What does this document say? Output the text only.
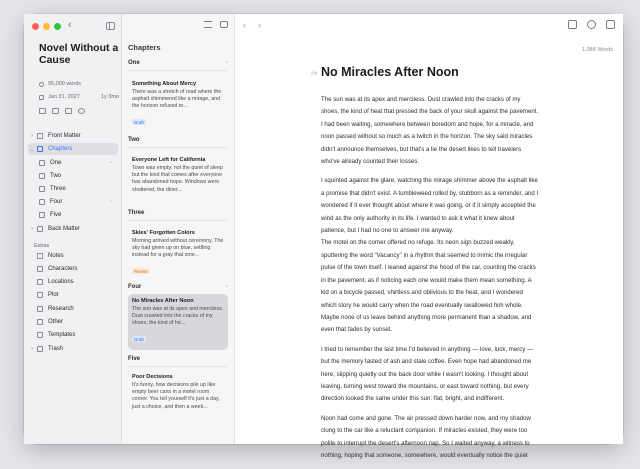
‹
Novel Without a Cause
95,000 words
Jan 31, 2027	1y 3mo
›	Front Matter
⌄ Chapters
One	◔
Two
Three
Four	◔
Five
›	Back Matter
Extras
Notes
Characters
Locations
Plot
Research
Other
Templates
›	Trash
Chapters
One	◔
Something About Mercy
There was a stretch of road where the asphalt shimmered like a mirage, and the horizon refused to...
Draft
Two
Everyone Left for California
Town was empty, not the quiet of sleep but the kind that comes after everyone has abandoned hope. Windows were shuttered, the diner...
Three
Skies' Forgotten Colors
Morning arrived without ceremony. The sky had given up on blue, settling instead for a gray that sme...
Revise
Four	◔
No Miracles After Noon
The sun was at its apex and merciless. Dust crawled into the cracks of my shoes, the kind of he...
Draft
Five
Poor Decisions
It's funny, how decisions pile up like empty beer cans in a motel room corner. You tell yourself it's just a day, just a choice, and then a week...
‹ ›
1,088 Words
## No Miracles After Noon

The sun was at its apex and merciless. Dust crawled into the cracks of my shoes, the kind of heat that pressed the back of your skull against the pavement. I had been waiting, somewhere between boredom and hope, for a miracle, and noon passed without so much as a twitch in the horizon. The sky said miracles didn't announce themselves, but that's a lie the desert likes to tell travelers who've already counted their losses.

I squinted against the glare, watching the mirage shimmer above the asphalt like a promise that didn't exist. A tumbleweed rolled by, stubborn as a reminder, and I wondered if it ever thought about where it was going, or if it simply accepted the wind as the only authority in its life. I wanted to ask it what it knew about patience, but I had no one to answer me anyway.

The motel on the corner offered no refuge. Its neon sign buzzed weakly, sputtering the word "Vacancy" in a rhythm that seemed to mimic the irregular pulse of the town itself. I leaned against the hood of the car, counting the cracks in the pavement, as if noticing each one would make them mean something. A kid on a bicycle passed, shirtless and oblivious to the heat, and I wondered which story he would carry when the road eventually swallowed him whole. Maybe none of us leave behind anything more permanent than a shadow, and even that fades by sunset.

I tried to remember the last time I'd believed in anything — love, luck, mercy — but the memory tasted of ash and stale coffee. Even hope had abandoned me here, slipping quietly out the back door while I wasn't looking. I thought about leaving, turning west toward the mountains, or east toward nothing, but every direction looked the same under this sun: flat, bright, and indifferent.

Noon had come and gone. The air pressed down harder now, and my shadow clung to the car like a reluctant companion. If miracles existed, they were too polite to interrupt the desert's afternoon nap. So I waited anyway, a witness to nothing, hoping that someone, somewhere, would eventually notice the quiet
